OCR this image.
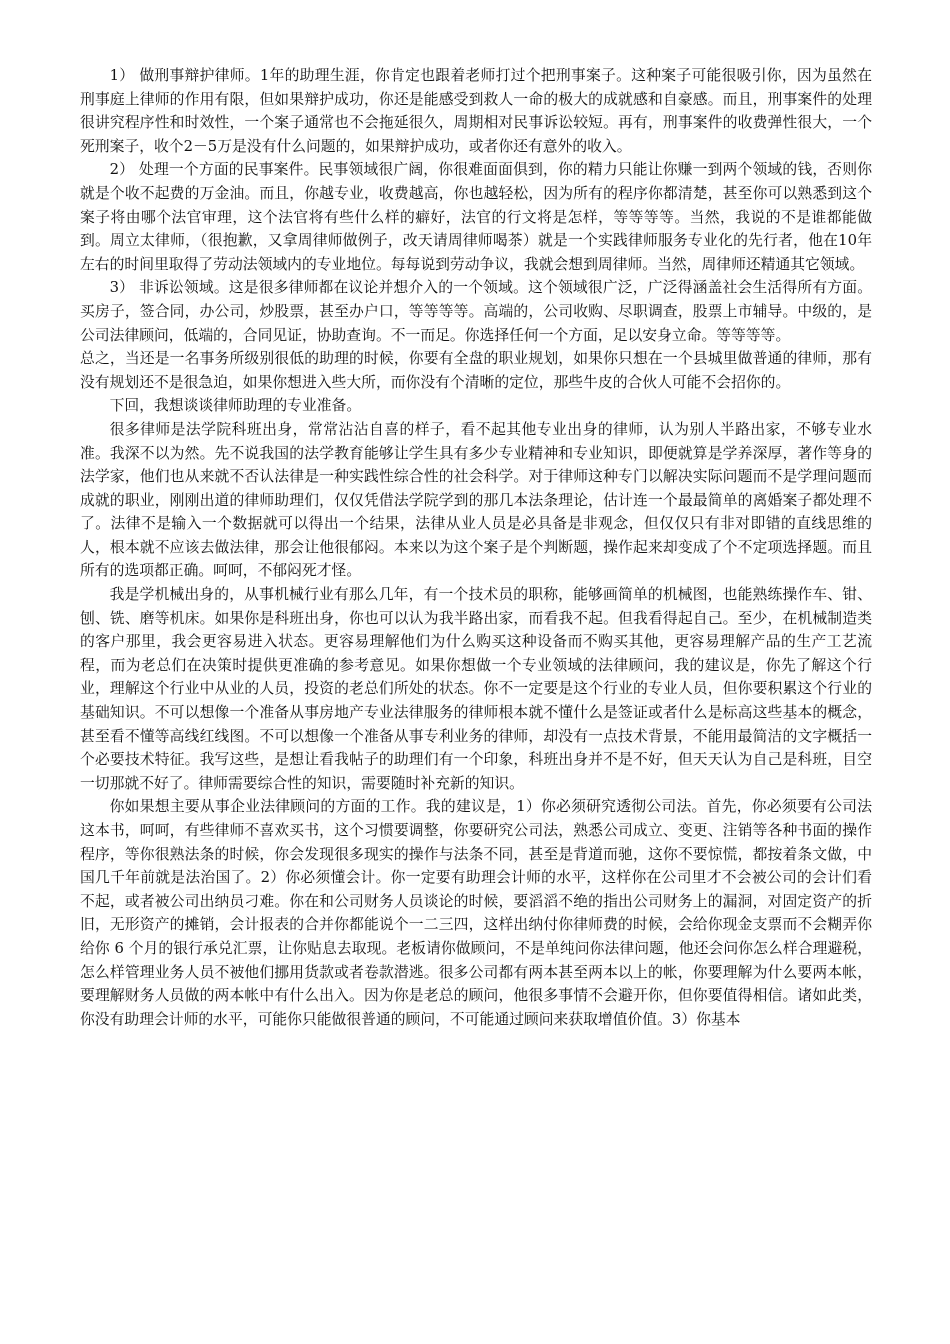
1） 做刑事辩护律师。1年的助理生涯，你肯定也跟着老师打过个把刑事案子。这种案子可能很吸引你，因为虽然在刑事庭上律师的作用有限，但如果辩护成功，你还是能感受到救人一命的极大的成就感和自豪感。而且，刑事案件的处理很讲究程序性和时效性，一个案子通常也不会拖延很久，周期相对民事诉讼较短。再有，刑事案件的收费弹性很大，一个死刑案子，收个2－5万是没有什么问题的，如果辩护成功，或者你还有意外的收入。

2） 处理一个方面的民事案件。民事领域很广阔，你很难面面俱到，你的精力只能让你赚一到两个领域的钱，否则你就是个收不起费的万金油。而且，你越专业，收费越高，你也越轻松，因为所有的程序你都清楚，甚至你可以熟悉到这个案子将由哪个法官审理，这个法官将有些什么样的癖好，法官的行文将是怎样，等等等等。当然，我说的不是谁都能做到。周立太律师，（很抱歉，又拿周律师做例子，改天请周律师喝茶）就是一个实践律师服务专业化的先行者，他在10年左右的时间里取得了劳动法领域内的专业地位。每每说到劳动争议，我就会想到周律师。当然，周律师还精通其它领域。

3） 非诉讼领域。这是很多律师都在议论并想介入的一个领域。这个领域很广泛，广泛得涵盖社会生活得所有方面。买房子，签合同，办公司，炒股票，甚至办户口，等等等等。高端的，公司收购、尽职调查，股票上市辅导。中级的，是公司法律顾问，低端的，合同见证，协助查询。不一而足。你选择任何一个方面，足以安身立命。等等等等。

总之，当还是一名事务所级别很低的助理的时候，你要有全盘的职业规划，如果你只想在一个县城里做普通的律师，那有没有规划还不是很急迫，如果你想进入些大所，而你没有个清晰的定位，那些牛皮的合伙人可能不会招你的。

下回，我想谈谈律师助理的专业准备。

很多律师是法学院科班出身，常常沾沾自喜的样子，看不起其他专业出身的律师，认为别人半路出家，不够专业水准。我深不以为然。先不说我国的法学教育能够让学生具有多少专业精神和专业知识，即便就算是学养深厚，著作等身的法学家，他们也从来就不否认法律是一种实践性综合性的社会科学。对于律师这种专门以解决实际问题而不是学理问题而成就的职业，刚刚出道的律师助理们，仅仅凭借法学院学到的那几本法条理论，估计连一个最最简单的离婚案子都处理不了。法律不是输入一个数据就可以得出一个结果，法律从业人员是必具备是非观念，但仅仅只有非对即错的直线思维的人，根本就不应该去做法律，那会让他很郁闷。本来以为这个案子是个判断题，操作起来却变成了个不定项选择题。而且所有的选项都正确。呵呵，不郁闷死才怪。

我是学机械出身的，从事机械行业有那么几年，有一个技术员的职称，能够画简单的机械图，也能熟练操作车、钳、刨、铣、磨等机床。如果你是科班出身，你也可以认为我半路出家，而看我不起。但我看得起自己。至少，在机械制造类的客户那里，我会更容易进入状态。更容易理解他们为什么购买这种设备而不购买其他，更容易理解产品的生产工艺流程，而为老总们在决策时提供更准确的参考意见。如果你想做一个专业领域的法律顾问，我的建议是，你先了解这个行业，理解这个行业中从业的人员，投资的老总们所处的状态。你不一定要是这个行业的专业人员，但你要积累这个行业的基础知识。不可以想像一个准备从事房地产专业法律服务的律师根本就不懂什么是签证或者什么是标高这些基本的概念，甚至看不懂等高线红线图。不可以想像一个准备从事专利业务的律师，却没有一点技术背景，不能用最简洁的文字概括一个必要技术特征。我写这些，是想让看我帖子的助理们有一个印象，科班出身并不是不好，但天天认为自己是科班，目空一切那就不好了。律师需要综合性的知识，需要随时补充新的知识。

你如果想主要从事企业法律顾问的方面的工作。我的建议是，1）你必须研究透彻公司法。首先，你必须要有公司法这本书，呵呵，有些律师不喜欢买书，这个习惯要调整，你要研究公司法，熟悉公司成立、变更、注销等各种书面的操作程序，等你很熟法条的时候，你会发现很多现实的操作与法条不同，甚至是背道而驰，这你不要惊慌，都按着条文做，中国几千年前就是法治国了。2）你必须懂会计。你一定要有助理会计师的水平，这样你在公司里才不会被公司的会计们看不起，或者被公司出纳员刁难。你在和公司财务人员谈论的时候，要滔滔不绝的指出公司财务上的漏洞，对固定资产的折旧，无形资产的摊销，会计报表的合并你都能说个一二三四，这样出纳付你律师费的时候，会给你现金支票而不会糊弄你给你 6 个月的银行承兑汇票，让你贴息去取现。老板请你做顾问，不是单纯问你法律问题，他还会问你怎么样合理避税，怎么样管理业务人员不被他们挪用货款或者卷款潜逃。很多公司都有两本甚至两本以上的帐，你要理解为什么要两本帐，要理解财务人员做的两本帐中有什么出入。因为你是老总的顾问，他很多事情不会避开你，但你要值得相信。诸如此类，你没有助理会计师的水平，可能你只能做很普通的顾问，不可能通过顾问来获取增值价值。3）你基本
